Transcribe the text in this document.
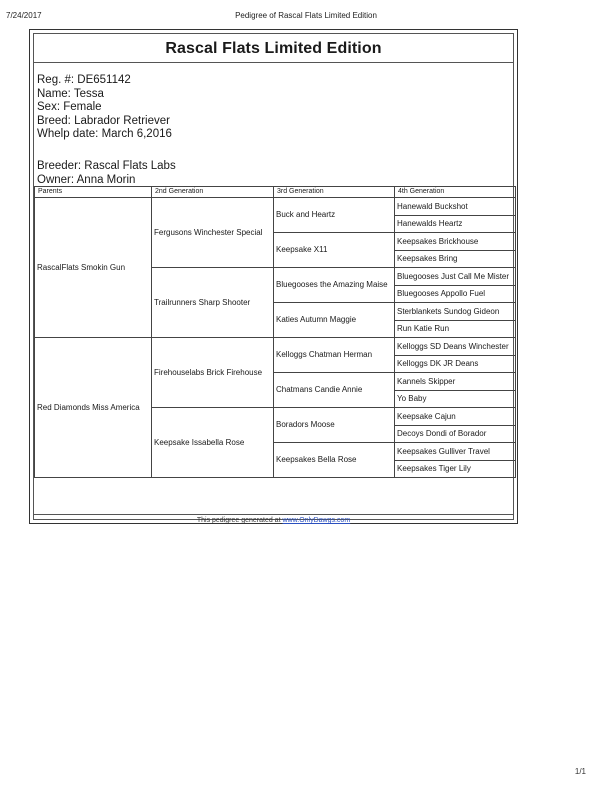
7/24/2017	Pedigree of Rascal Flats Limited Edition
Rascal Flats Limited Edition
Reg. #: DE651142
Name: Tessa
Sex: Female
Breed: Labrador Retriever
Whelp date: March 6,2016
Breeder: Rascal Flats Labs
Owner: Anna Morin
Parents	2nd Generation	3rd Generation	4th Generation
RascalFlats Smokin Gun	Fergusons Winchester Special	Buck and Heartz	Hanewald Buckshot
			Hanewalds Heartz
		Keepsake X11	Keepsakes Brickhouse
			Keepsakes Bring
	Trailrunners Sharp Shooter	Bluegooses the Amazing Maise	Bluegooses Just Call Me Mister
			Bluegooses Appollo Fuel
		Katies Autumn Maggie	Sterblankets Sundog Gideon
			Run Katie Run
Red Diamonds Miss America	Firehouselabs Brick Firehouse	Kelloggs Chatman Herman	Kelloggs SD Deans Winchester
			Kelloggs DK JR Deans
		Chatmans Candie Annie	Kannels Skipper
			Yo Baby
	Keepsake Issabella Rose	Boradors Moose	Keepsake Cajun
			Decoys Dondi of Borador
		Keepsakes Bella Rose	Keepsakes Gulliver Travel
			Keepsakes Tiger Lily
This pedigree generated at www.OnlyDawgs.com
1/1
